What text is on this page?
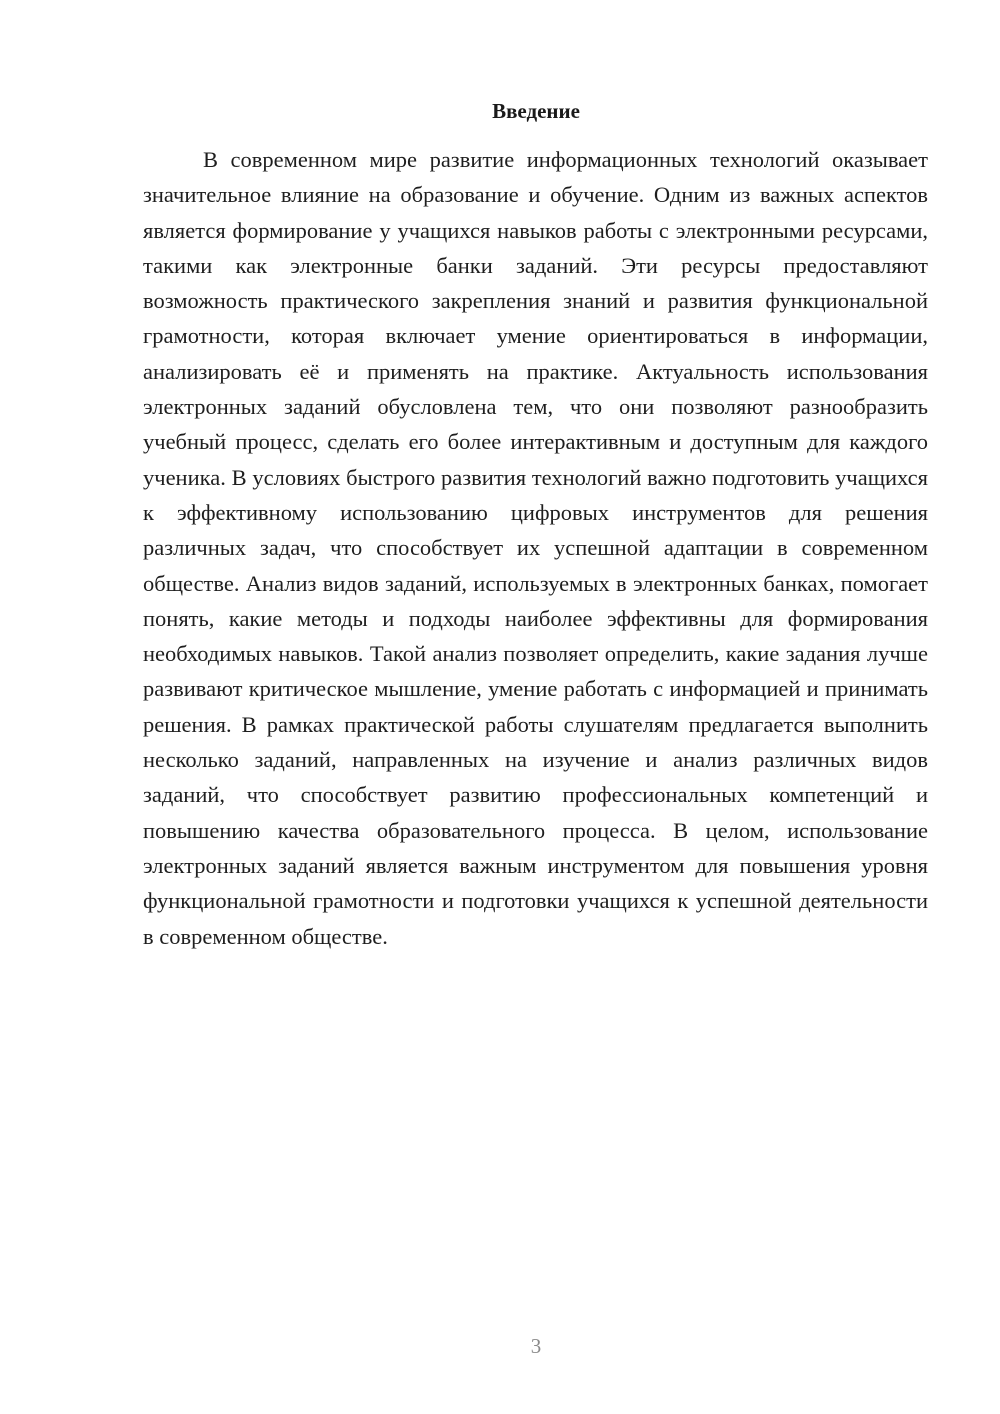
Введение

В современном мире развитие информационных технологий оказывает значительное влияние на образование и обучение. Одним из важных аспектов является формирование у учащихся навыков работы с электронными ресурсами, такими как электронные банки заданий. Эти ресурсы предоставляют возможность практического закрепления знаний и развития функциональной грамотности, которая включает умение ориентироваться в информации, анализировать её и применять на практике. Актуальность использования электронных заданий обусловлена тем, что они позволяют разнообразить учебный процесс, сделать его более интерактивным и доступным для каждого ученика. В условиях быстрого развития технологий важно подготовить учащихся к эффективному использованию цифровых инструментов для решения различных задач, что способствует их успешной адаптации в современном обществе. Анализ видов заданий, используемых в электронных банках, помогает понять, какие методы и подходы наиболее эффективны для формирования необходимых навыков. Такой анализ позволяет определить, какие задания лучше развивают критическое мышление, умение работать с информацией и принимать решения. В рамках практической работы слушателям предлагается выполнить несколько заданий, направленных на изучение и анализ различных видов заданий, что способствует развитию профессиональных компетенций и повышению качества образовательного процесса. В целом, использование электронных заданий является важным инструментом для повышения уровня функциональной грамотности и подготовки учащихся к успешной деятельности в современном обществе.

3
